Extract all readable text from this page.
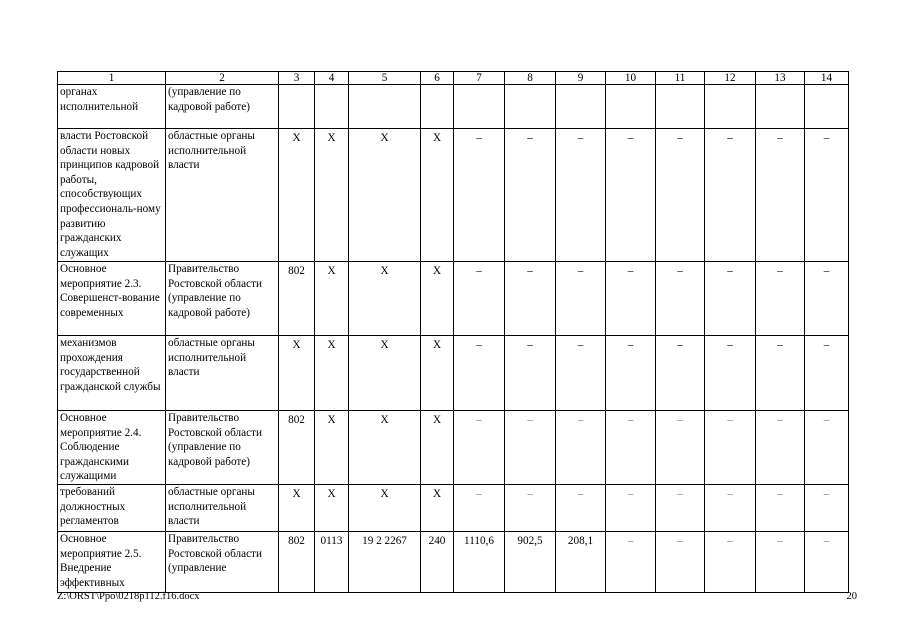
1	2	3	4	5	6	7	8	9	10	11	12	13	14
органах исполнительной	(управление по кадровой работе)												
власти Ростовской области новых принципов кадровой работы, способствующих профессиональ-ному развитию гражданских служащих	областные органы исполнительной власти	Х	Х	Х	Х	–	–	–	–	–	–	–	–
Основное мероприятие 2.3. Совершенст-вование современных	Правительство Ростовской области (управление по кадровой работе)	802	Х	Х	Х	–	–	–	–	–	–	–	–
механизмов прохождения государственной гражданской службы	областные органы исполнительной власти	Х	Х	Х	Х	–	–	–	–	–	–	–	–
Основное мероприятие 2.4. Соблюдение гражданскими служащими	Правительство Ростовской области (управление по кадровой работе)	802	Х	Х	Х	–	–	–	–	–	–	–	–
требований должностных регламентов	областные органы исполнительной власти	Х	Х	Х	Х	–	–	–	–	–	–	–	–
Основное мероприятие 2.5. Внедрение эффективных	Правительство Ростовской области (управление	802	0113	19 2 2267	240	1110,6	902,5	208,1	–	–	–	–	–
Z:\ORST\Ppo\0218p112.f16.docx	20
